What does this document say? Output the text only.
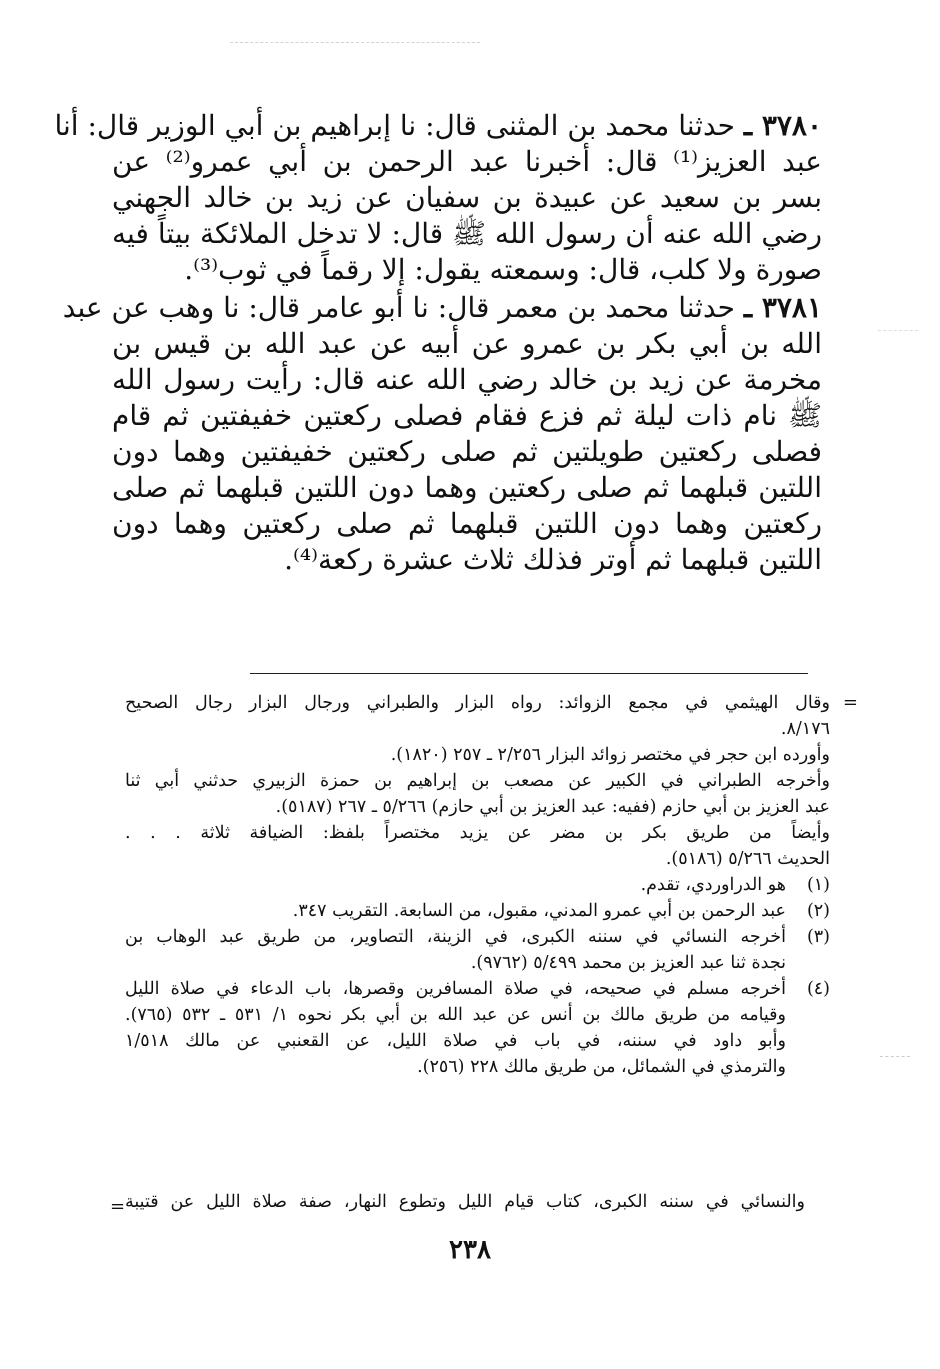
٣٧٨٠ ـ حدثنا محمد بن المثنى قال: نا إبراهيم بن أبي الوزير قال: أنا
عبد العزيز⁽¹⁾ قال: أخبرنا عبد الرحمن بن أبي عمرو⁽²⁾ عن
بسر بن سعيد عن عبيدة بن سفيان عن زيد بن خالد الجهني
رضي الله عنه أن رسول الله ﷺ قال: لا تدخل الملائكة بيتاً فيه
صورة ولا كلب، قال: وسمعته يقول: إلا رقماً في ثوب⁽³⁾.
٣٧٨١ ـ حدثنا محمد بن معمر قال: نا أبو عامر قال: نا وهب عن عبد
الله بن أبي بكر بن عمرو عن أبيه عن عبد الله بن قيس بن
مخرمة عن زيد بن خالد رضي الله عنه قال: رأيت رسول الله
ﷺ نام ذات ليلة ثم فزع فقام فصلى ركعتين خفيفتين ثم قام
فصلى ركعتين طويلتين ثم صلى ركعتين خفيفتين وهما دون
اللتين قبلهما ثم صلى ركعتين وهما دون اللتين قبلهما ثم صلى
ركعتين وهما دون اللتين قبلهما ثم صلى ركعتين وهما دون
اللتين قبلهما ثم أوتر فذلك ثلاث عشرة ركعة⁽⁴⁾.
=
وقال الهيثمي في مجمع الزوائد: رواه البزار والطبراني ورجال البزار رجال الصحيح
٨/١٧٦.
وأورده ابن حجر في مختصر زوائد البزار ٢/٢٥٦ ـ ٢٥٧ (١٨٢٠).
وأخرجه الطبراني في الكبير عن مصعب بن إبراهيم بن حمزة الزبيري حدثني أبي ثنا
عبد العزيز بن أبي حازم (ففيه: عبد العزيز بن أبي حازم) ٥/٢٦٦ ـ ٢٦٧ (٥١٨٧).
وأيضاً من طريق بكر بن مضر عن يزيد مختصراً بلفظ: الضيافة ثلاثة . . .
الحديث ٥/٢٦٦ (٥١٨٦).
(١)
هو الدراوردي، تقدم.
(٢)
عبد الرحمن بن أبي عمرو المدني، مقبول، من السابعة. التقريب ٣٤٧.
(٣)
أخرجه النسائي في سننه الكبرى، في الزينة، التصاوير، من طريق عبد الوهاب بن
نجدة ثنا عبد العزيز بن محمد ٥/٤٩٩ (٩٧٦٢).
(٤)
أخرجه مسلم في صحيحه، في صلاة المسافرين وقصرها، باب الدعاء في صلاة الليل
وقيامه من طريق مالك بن أنس عن عبد الله بن أبي بكر نحوه ١/ ٥٣١ ـ ٥٣٢ (٧٦٥).
وأبو داود في سننه، في باب في صلاة الليل، عن القعنبي عن مالك ١/٥١٨
والترمذي في الشمائل، من طريق مالك ٢٢٨ (٢٥٦).
والنسائي في سننه الكبرى، كتاب قيام الليل وتطوع النهار، صفة صلاة الليل عن قتيبة
=
٢٣٨
